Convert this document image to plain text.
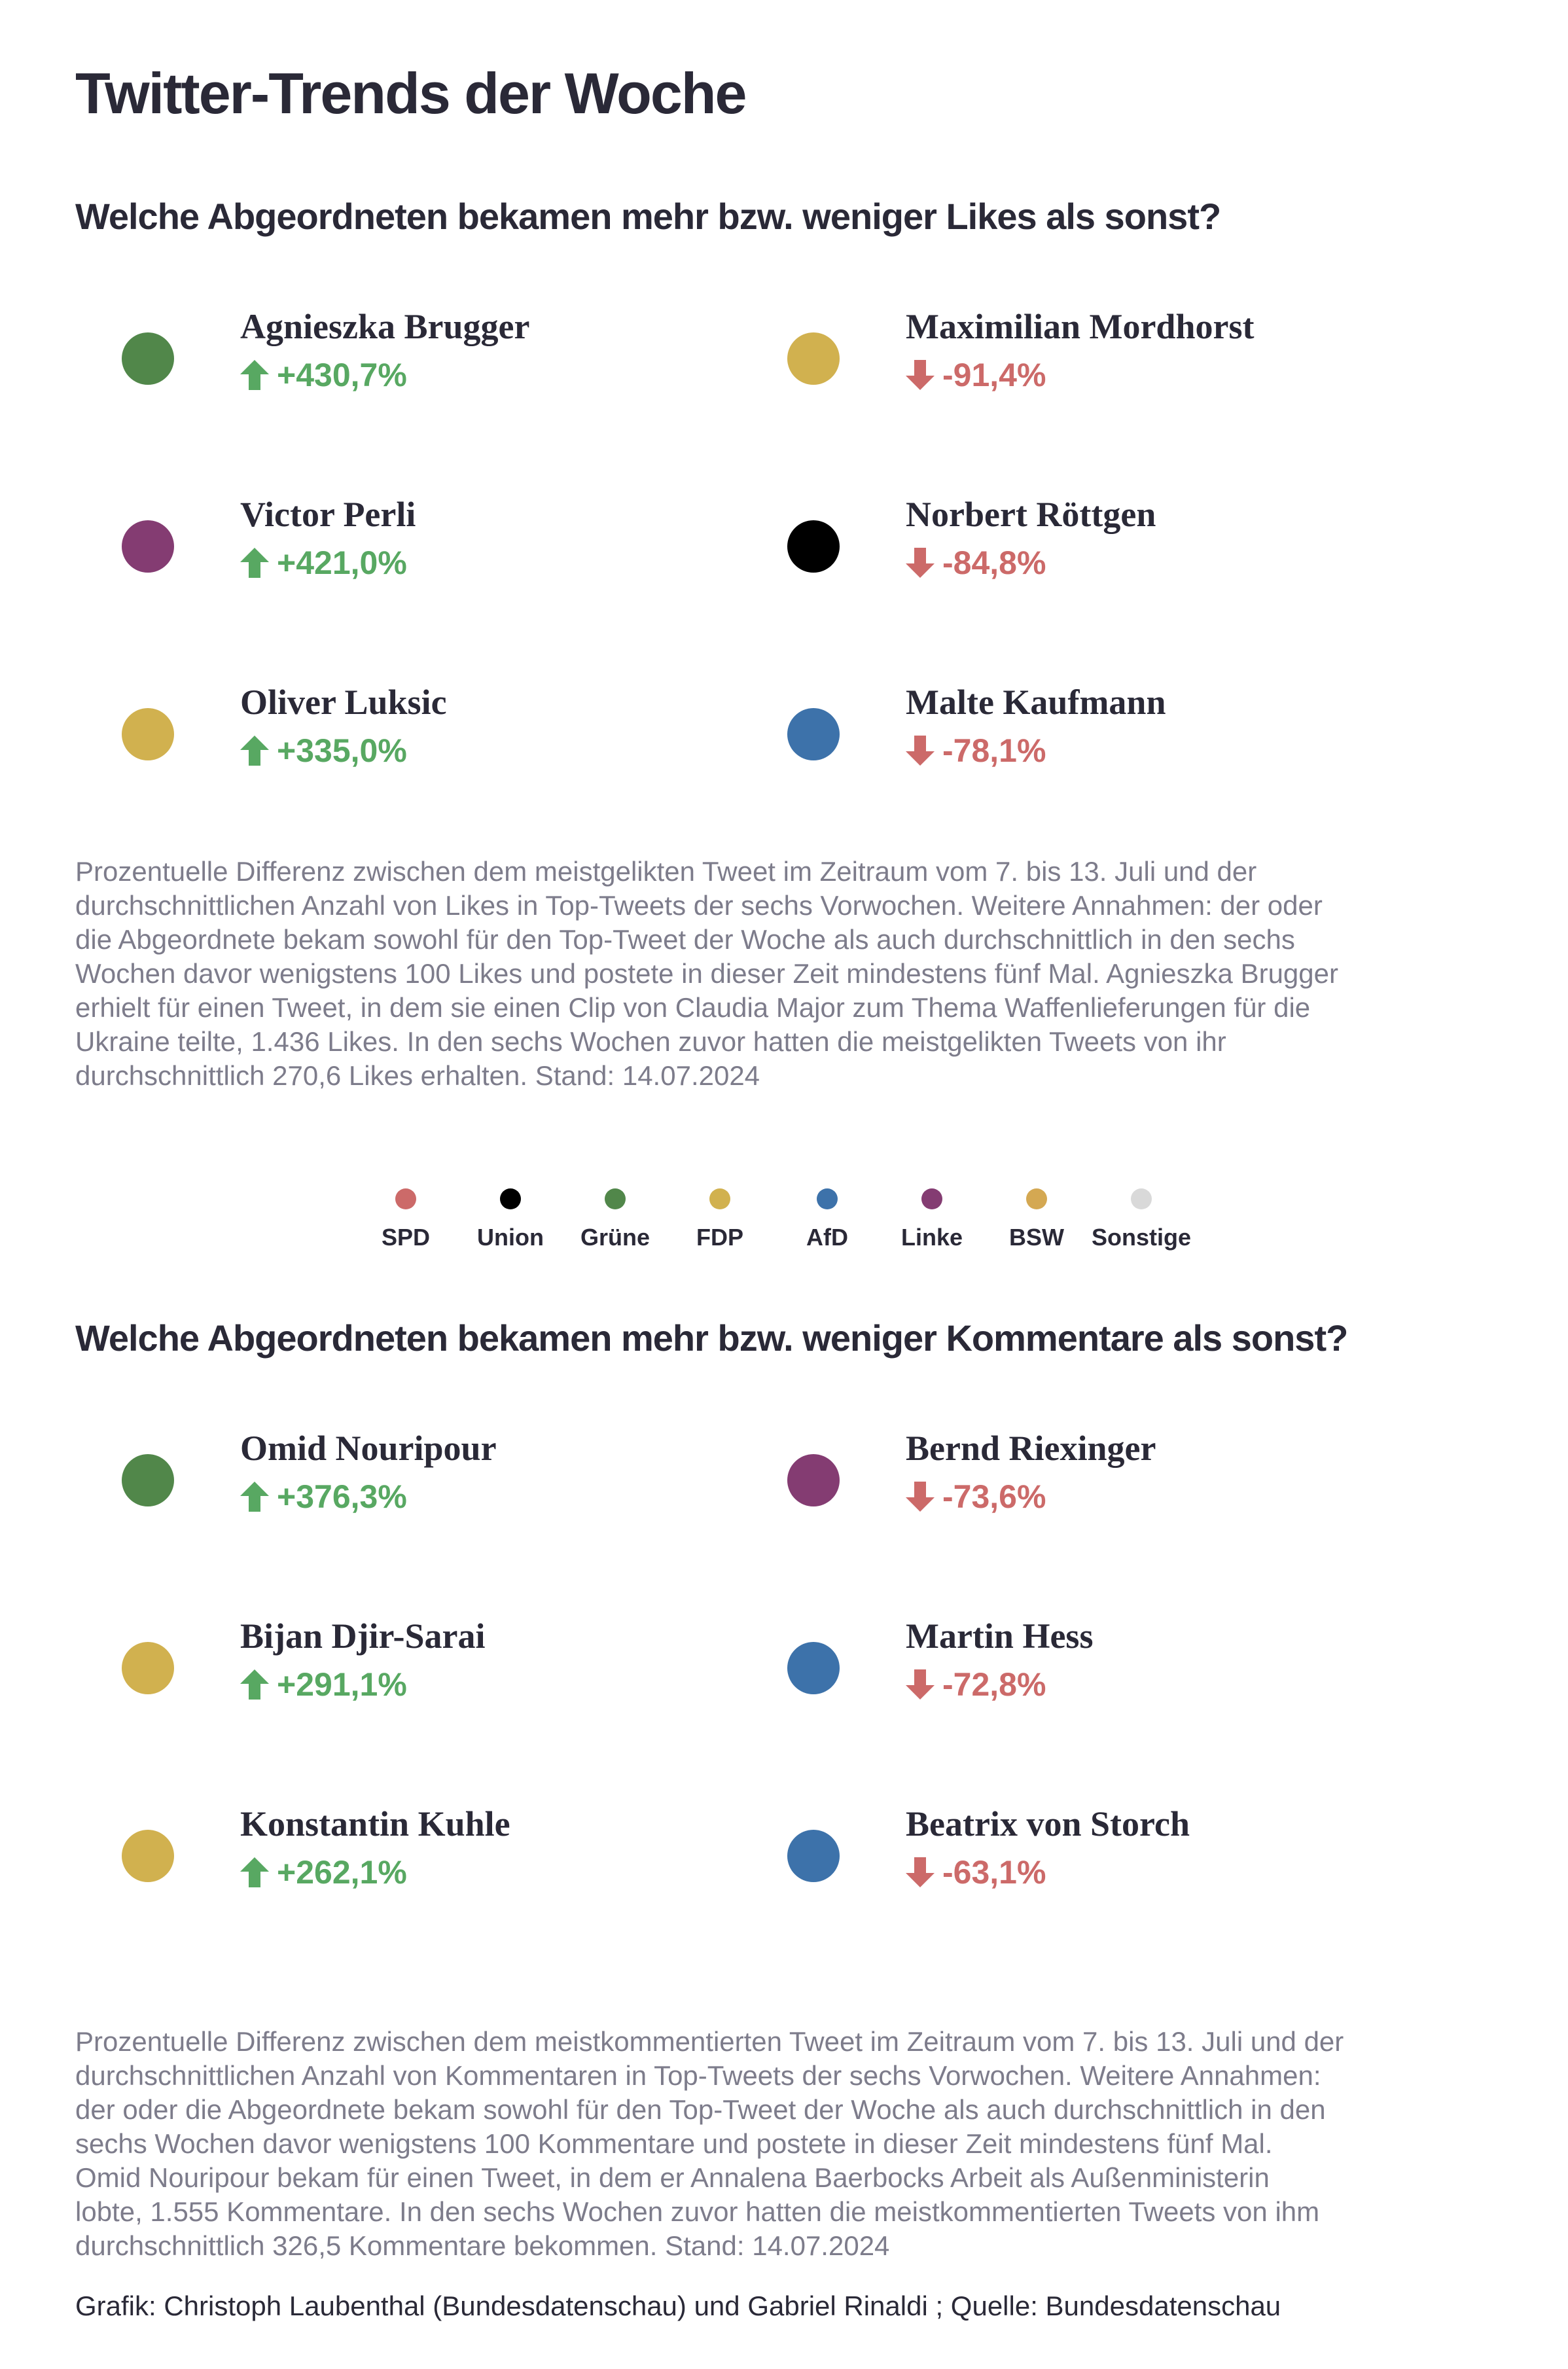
Twitter-Trends der Woche
Welche Abgeordneten bekamen mehr bzw. weniger Likes als sonst?
Agnieszka Brugger
+430,7%
Victor Perli
+421,0%
Oliver Luksic
+335,0%
Maximilian Mordhorst
-91,4%
Norbert Röttgen
-84,8%
Malte Kaufmann
-78,1%
Prozentuelle Differenz zwischen dem meistgelikten Tweet im Zeitraum vom 7. bis 13. Juli und der
durchschnittlichen Anzahl von Likes in Top-Tweets der sechs Vorwochen. Weitere Annahmen: der oder
die Abgeordnete bekam sowohl für den Top-Tweet der Woche als auch durchschnittlich in den sechs
Wochen davor wenigstens 100 Likes und postete in dieser Zeit mindestens fünf Mal. Agnieszka Brugger
erhielt für einen Tweet, in dem sie einen Clip von Claudia Major zum Thema Waffenlieferungen für die
Ukraine teilte, 1.436 Likes. In den sechs Wochen zuvor hatten die meistgelikten Tweets von ihr
durchschnittlich 270,6 Likes erhalten. Stand: 14.07.2024
SPD	Union	Grüne	FDP	AfD	Linke	BSW	Sonstige
Welche Abgeordneten bekamen mehr bzw. weniger Kommentare als sonst?
Omid Nouripour
+376,3%
Bijan Djir-Sarai
+291,1%
Konstantin Kuhle
+262,1%
Bernd Riexinger
-73,6%
Martin Hess
-72,8%
Beatrix von Storch
-63,1%
Prozentuelle Differenz zwischen dem meistkommentierten Tweet im Zeitraum vom 7. bis 13. Juli und der
durchschnittlichen Anzahl von Kommentaren in Top-Tweets der sechs Vorwochen. Weitere Annahmen:
der oder die Abgeordnete bekam sowohl für den Top-Tweet der Woche als auch durchschnittlich in den
sechs Wochen davor wenigstens 100 Kommentare und postete in dieser Zeit mindestens fünf Mal.
Omid Nouripour bekam für einen Tweet, in dem er Annalena Baerbocks Arbeit als Außenministerin
lobte, 1.555 Kommentare. In den sechs Wochen zuvor hatten die meistkommentierten Tweets von ihm
durchschnittlich 326,5 Kommentare bekommen. Stand: 14.07.2024
Grafik: Christoph Laubenthal (Bundesdatenschau) und Gabriel Rinaldi ; Quelle: Bundesdatenschau
